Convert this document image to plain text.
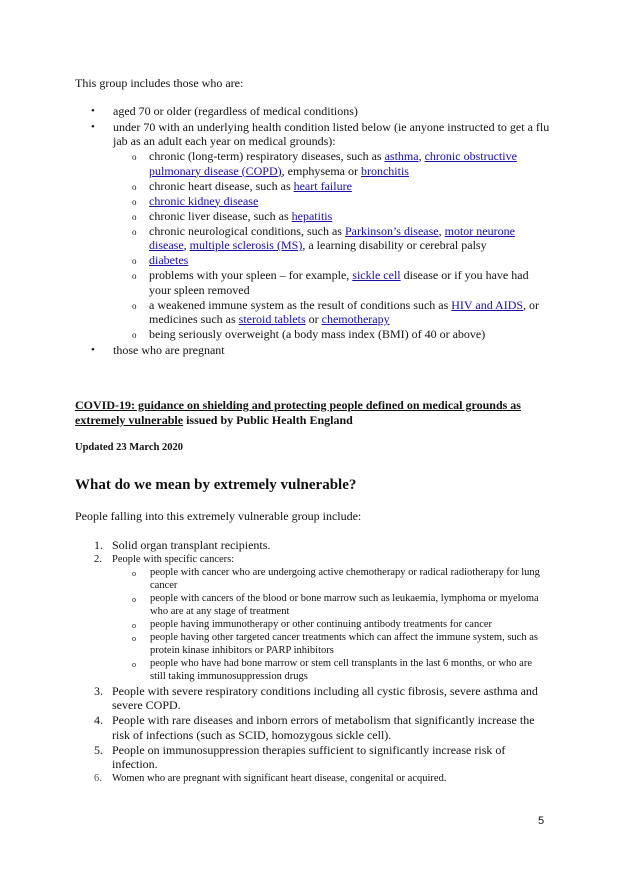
This group includes those who are:

• aged 70 or older (regardless of medical conditions)
• under 70 with an underlying health condition listed below (ie anyone instructed to get a flu jab as an adult each year on medical grounds):
o chronic (long-term) respiratory diseases, such as asthma, chronic obstructive pulmonary disease (COPD), emphysema or bronchitis
o chronic heart disease, such as heart failure
o chronic kidney disease
o chronic liver disease, such as hepatitis
o chronic neurological conditions, such as Parkinson’s disease, motor neurone disease, multiple sclerosis (MS), a learning disability or cerebral palsy
o diabetes
o problems with your spleen – for example, sickle cell disease or if you have had your spleen removed
o a weakened immune system as the result of conditions such as HIV and AIDS, or medicines such as steroid tablets or chemotherapy
o being seriously overweight (a body mass index (BMI) of 40 or above)
• those who are pregnant

COVID-19: guidance on shielding and protecting people defined on medical grounds as extremely vulnerable issued by Public Health England

Updated 23 March 2020

What do we mean by extremely vulnerable?

People falling into this extremely vulnerable group include:

1. Solid organ transplant recipients.
2. People with specific cancers:
o people with cancer who are undergoing active chemotherapy or radical radiotherapy for lung cancer
o people with cancers of the blood or bone marrow such as leukaemia, lymphoma or myeloma who are at any stage of treatment
o people having immunotherapy or other continuing antibody treatments for cancer
o people having other targeted cancer treatments which can affect the immune system, such as protein kinase inhibitors or PARP inhibitors
o people who have had bone marrow or stem cell transplants in the last 6 months, or who are still taking immunosuppression drugs
3. People with severe respiratory conditions including all cystic fibrosis, severe asthma and severe COPD.
4. People with rare diseases and inborn errors of metabolism that significantly increase the risk of infections (such as SCID, homozygous sickle cell).
5. People on immunosuppression therapies sufficient to significantly increase risk of infection.
6. Women who are pregnant with significant heart disease, congenital or acquired.

5
